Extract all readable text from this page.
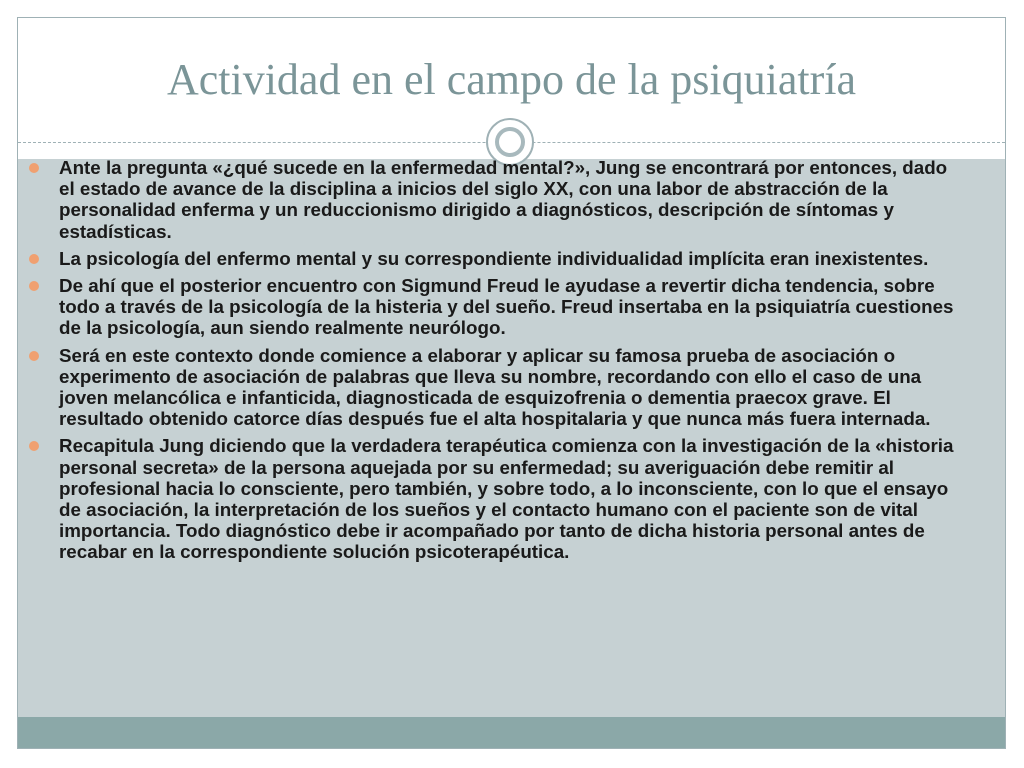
Actividad en el campo de la psiquiatría
Ante la pregunta «¿qué sucede en la enfermedad mental?», Jung se encontrará por entonces, dado el estado de avance de la disciplina a inicios del siglo XX, con una labor de abstracción de la personalidad enferma y un reduccionismo dirigido a diagnósticos, descripción de síntomas y estadísticas.
La psicología del enfermo mental y su correspondiente individualidad implícita eran inexistentes.
De ahí que el posterior encuentro con Sigmund Freud le ayudase a revertir dicha tendencia, sobre todo a través de la psicología de la histeria y del sueño. Freud insertaba en la psiquiatría cuestiones de la psicología, aun siendo realmente neurólogo.
Será en este contexto donde comience a elaborar y aplicar su famosa prueba de asociación o experimento de asociación de palabras que lleva su nombre, recordando con ello el caso de una joven melancólica e infanticida, diagnosticada de esquizofrenia o dementia praecox grave. El resultado obtenido catorce días después fue el alta hospitalaria y que nunca más fuera internada.
Recapitula Jung diciendo que la verdadera terapéutica comienza con la investigación de la «historia personal secreta» de la persona aquejada por su enfermedad; su averiguación debe remitir al profesional hacia lo consciente, pero también, y sobre todo, a lo inconsciente, con lo que el ensayo de asociación, la interpretación de los sueños y el contacto humano con el paciente son de vital importancia. Todo diagnóstico debe ir acompañado por tanto de dicha historia personal antes de recabar en la correspondiente solución psicoterapéutica.
